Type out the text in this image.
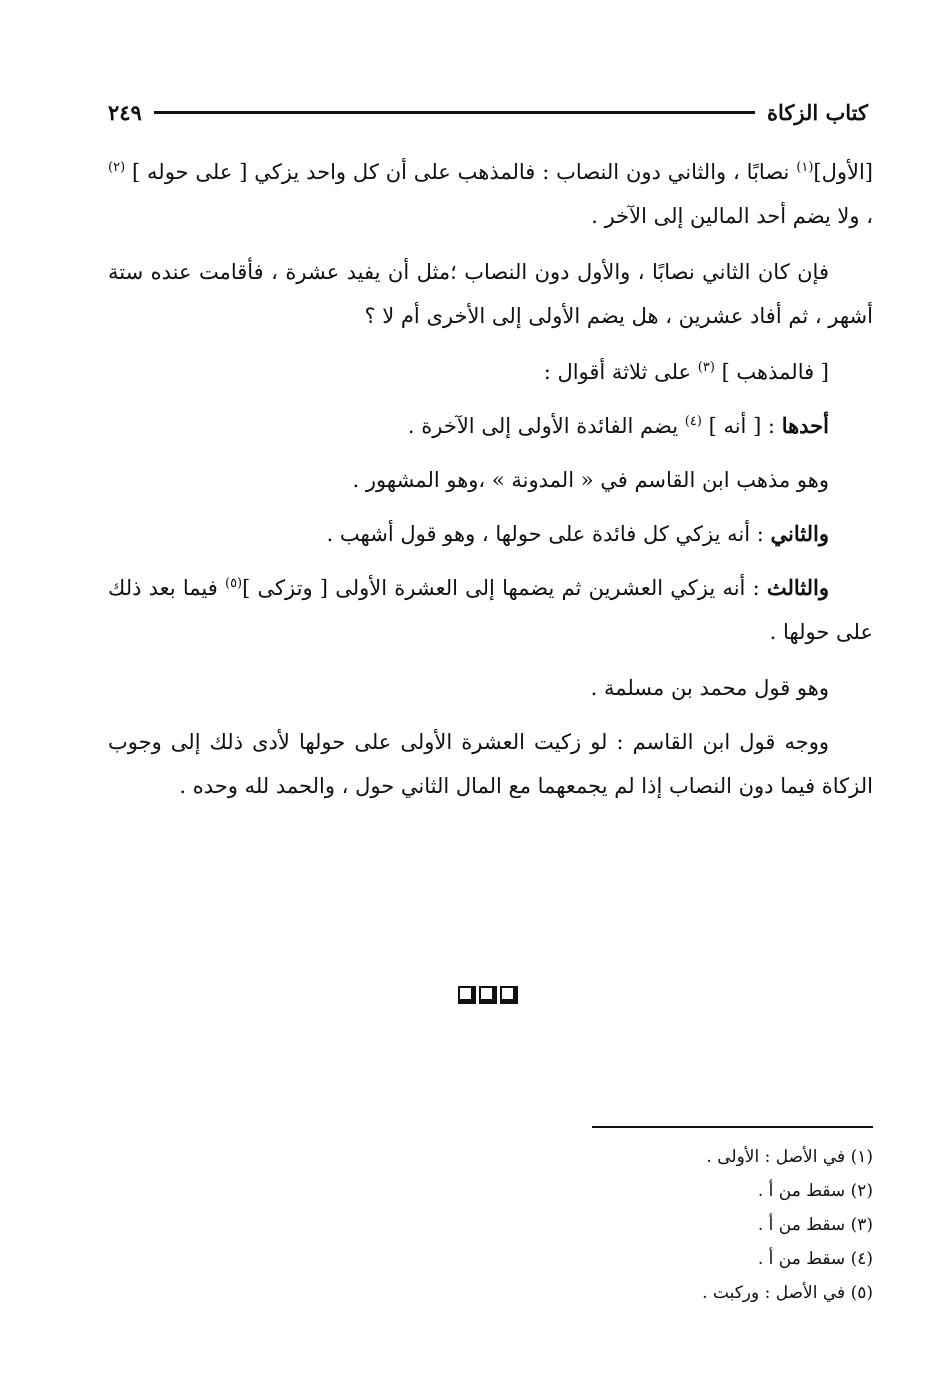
كتاب الزكاة
٢٤٩

[الأول]$^{(١)}$ نصابًا ، والثاني دون النصاب : فالمذهب على أن كل واحد يزكي [ على حوله ] $^{(٢)}$ ، ولا يضم أحد المالين إلى الآخر .

فإن كان الثاني نصابًا ، والأول دون النصاب ؛مثل أن يفيد عشرة ، فأقامت عنده ستة أشهر ، ثم أفاد عشرين ، هل يضم الأولى إلى الأخرى أم لا ؟

[ فالمذهب ] $^{(٣)}$ على ثلاثة أقوال :

أحدها : [ أنه ] $^{(٤)}$ يضم الفائدة الأولى إلى الآخرة .

وهو مذهب ابن القاسم في « المدونة » ،وهو المشهور .

والثاني : أنه يزكي كل فائدة على حولها ، وهو قول أشهب .

والثالث : أنه يزكي العشرين ثم يضمها إلى العشرة الأولى [ وتزكى ]$^{(٥)}$ فيما بعد ذلك على حولها .

وهو قول محمد بن مسلمة .

ووجه قول ابن القاسم : لو زكيت العشرة الأولى على حولها لأدى ذلك إلى وجوب الزكاة فيما دون النصاب إذا لم يجمعهما مع المال الثاني حول ، والحمد لله وحده .

(١) في الأصل : الأولى .
(٢) سقط من أ .
(٣) سقط من أ .
(٤) سقط من أ .
(٥) في الأصل : وركبت .
